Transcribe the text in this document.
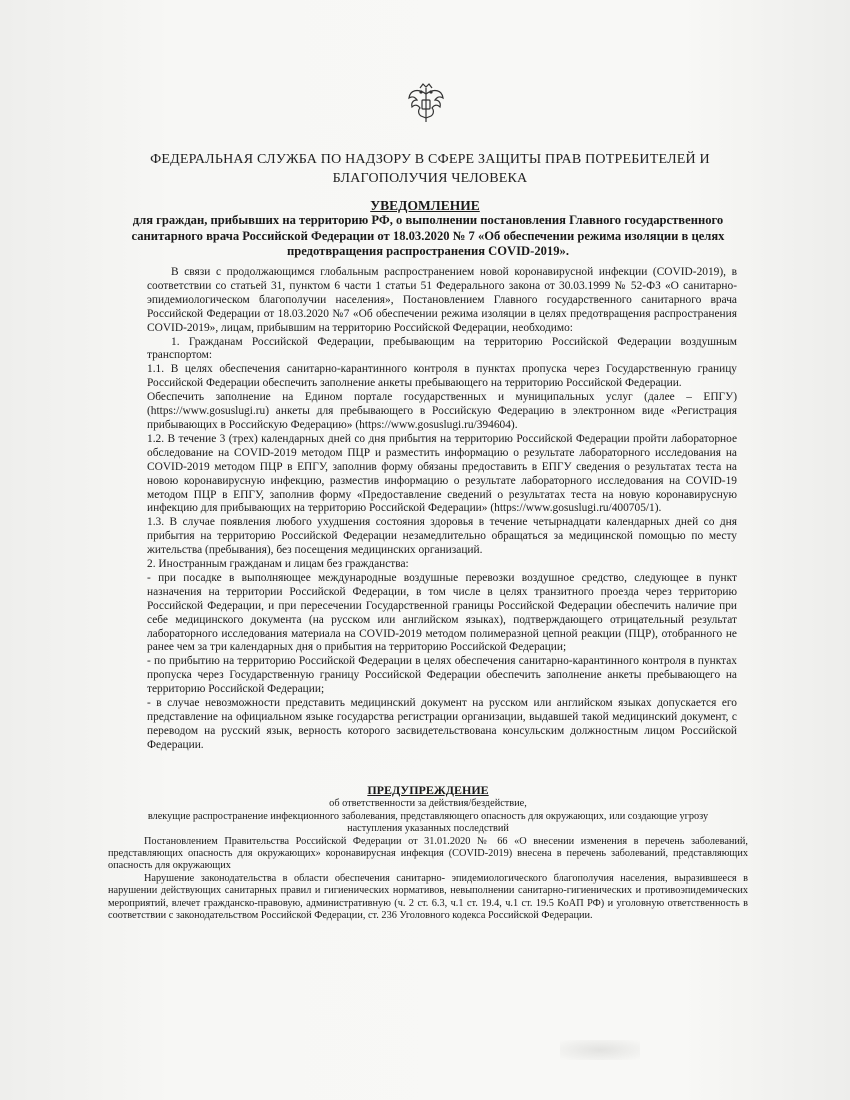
ФЕДЕРАЛЬНАЯ СЛУЖБА ПО НАДЗОРУ В СФЕРЕ ЗАЩИТЫ ПРАВ ПОТРЕБИТЕЛЕЙ И
БЛАГОПОЛУЧИЯ ЧЕЛОВЕКА
УВЕДОМЛЕНИЕ
для граждан, прибывших на территорию РФ, о выполнении постановления Главного государственного санитарного врача Российской Федерации от 18.03.2020 № 7 «Об обеспечении режима изоляции в целях предотвращения распространения COVID-2019».

В связи с продолжающимся глобальным распространением новой коронавирусной инфекции (COVID-2019), в соответствии со статьей 31, пунктом 6 части 1 статьи 51 Федерального закона от 30.03.1999 № 52-ФЗ «О санитарно-эпидемиологическом благополучии населения», Постановлением Главного государственного санитарного врача Российской Федерации от 18.03.2020 №7 «Об обеспечении режима изоляции в целях предотвращения распространения COVID-2019», лицам, прибывшим на территорию Российской Федерации, необходимо:

1. Гражданам Российской Федерации, пребывающим на территорию Российской Федерации воздушным транспортом:

1.1. В целях обеспечения санитарно-карантинного контроля в пунктах пропуска через Государственную границу Российской Федерации обеспечить заполнение анкеты пребывающего на территорию Российской Федерации.

Обеспечить заполнение на Едином портале государственных и муниципальных услуг (далее – ЕПГУ) (https://www.gosuslugi.ru) анкеты для пребывающего в Российскую Федерацию в электронном виде «Регистрация прибывающих в Российскую Федерацию» (https://www.gosuslugi.ru/394604).

1.2. В течение 3 (трех) календарных дней со дня прибытия на территорию Российской Федерации пройти лабораторное обследование на COVID-2019 методом ПЦР и разместить информацию о результате лабораторного исследования на COVID-2019 методом ПЦР в ЕПГУ, заполнив форму обязаны предоставить в ЕПГУ сведения о результатах теста на новою коронавирусную инфекцию, разместив информацию о результате лабораторного исследования на COVID-19 методом ПЦР в ЕПГУ, заполнив форму «Предоставление сведений о результатах теста на новую коронавирусную инфекцию для прибывающих на территорию Российской Федерации» (https://www.gosuslugi.ru/400705/1).

1.3. В случае появления любого ухудшения состояния здоровья в течение четырнадцати календарных дней со дня прибытия на территорию Российской Федерации незамедлительно обращаться за медицинской помощью по месту жительства (пребывания), без посещения медицинских организаций.

2. Иностранным гражданам и лицам без гражданства:

- при посадке в выполняющее международные воздушные перевозки воздушное средство, следующее в пункт назначения на территории Российской Федерации, в том числе в целях транзитного проезда через территорию Российской Федерации, и при пересечении Государственной границы Российской Федерации обеспечить наличие при себе медицинского документа (на русском или английском языках), подтверждающего отрицательный результат лабораторного исследования материала на COVID-2019 методом полимеразной цепной реакции (ПЦР), отобранного не ранее чем за три календарных дня о прибытия на территорию Российской Федерации;

- по прибытию на территорию Российской Федерации в целях обеспечения санитарно-карантинного контроля в пунктах пропуска через Государственную границу Российской Федерации обеспечить заполнение анкеты пребывающего на территорию Российской Федерации;

- в случае невозможности представить медицинский документ на русском или английском языках допускается его представление на официальном языке государства регистрации организации, выдавшей такой медицинский документ, с переводом на русский язык, верность которого засвидетельствована консульским должностным лицом Российской Федерации.

ПРЕДУПРЕЖДЕНИЕ
об ответственности за действия/бездействие,
влекущие распространение инфекционного заболевания, представляющего опасность для окружающих, или создающие угрозу
наступления указанных последствий

Постановлением Правительства Российской Федерации от 31.01.2020 № 66 «О внесении изменения в перечень заболеваний, представляющих опасность для окружающих» коронавирусная инфекция (COVID-2019) внесена в перечень заболеваний, представляющих опасность для окружающих

Нарушение законодательства в области обеспечения санитарно- эпидемиологического благополучия населения, выразившееся в нарушении действующих санитарных правил и гигиенических нормативов, невыполнении санитарно-гигиенических и противоэпидемических мероприятий, влечет гражданско-правовую, административную (ч. 2 ст. 6.3, ч.1 ст. 19.4, ч.1 ст. 19.5 КоАП РФ) и уголовную ответственность в соответствии с законодательством Российской Федерации, ст. 236 Уголовного кодекса Российской Федерации.
